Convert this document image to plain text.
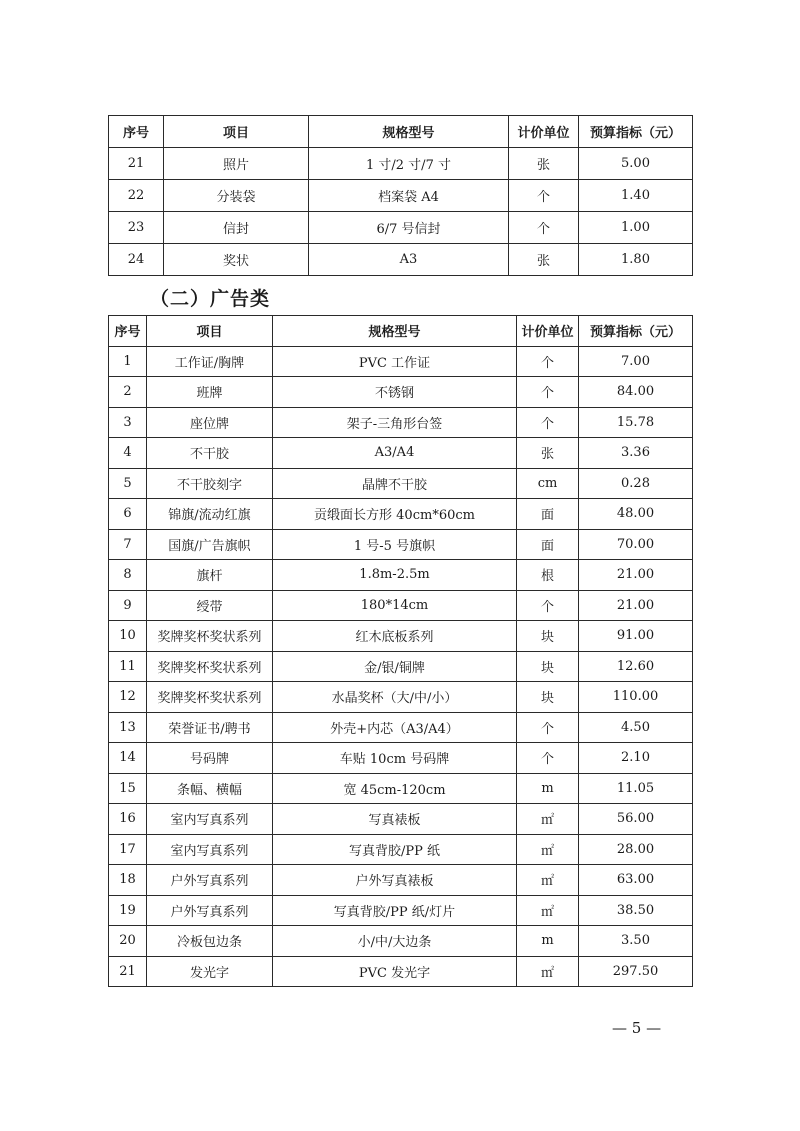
序号	项目	规格型号	计价单位	预算指标（元）
21	照片	1 寸/2 寸/7 寸	张	5.00
22	分装袋	档案袋 A4	个	1.40
23	信封	6/7 号信封	个	1.00
24	奖状	A3	张	1.80
（二）广告类
序号	项目	规格型号	计价单位	预算指标（元）
1	工作证/胸牌	PVC 工作证	个	7.00
2	班牌	不锈钢	个	84.00
3	座位牌	架子-三角形台签	个	15.78
4	不干胶	A3/A4	张	3.36
5	不干胶刻字	晶牌不干胶	cm	0.28
6	锦旗/流动红旗	贡缎面长方形 40cm*60cm	面	48.00
7	国旗/广告旗帜	1 号-5 号旗帜	面	70.00
8	旗杆	1.8m-2.5m	根	21.00
9	绶带	180*14cm	个	21.00
10	奖牌奖杯奖状系列	红木底板系列	块	91.00
11	奖牌奖杯奖状系列	金/银/铜牌	块	12.60
12	奖牌奖杯奖状系列	水晶奖杯（大/中/小）	块	110.00
13	荣誉证书/聘书	外壳+内芯（A3/A4）	个	4.50
14	号码牌	车贴 10cm 号码牌	个	2.10
15	条幅、横幅	宽 45cm-120cm	m	11.05
16	室内写真系列	写真裱板	㎡	56.00
17	室内写真系列	写真背胶/PP 纸	㎡	28.00
18	户外写真系列	户外写真裱板	㎡	63.00
19	户外写真系列	写真背胶/PP 纸/灯片	㎡	38.50
20	冷板包边条	小/中/大边条	m	3.50
21	发光字	PVC 发光字	㎡	297.50
— 5 —
